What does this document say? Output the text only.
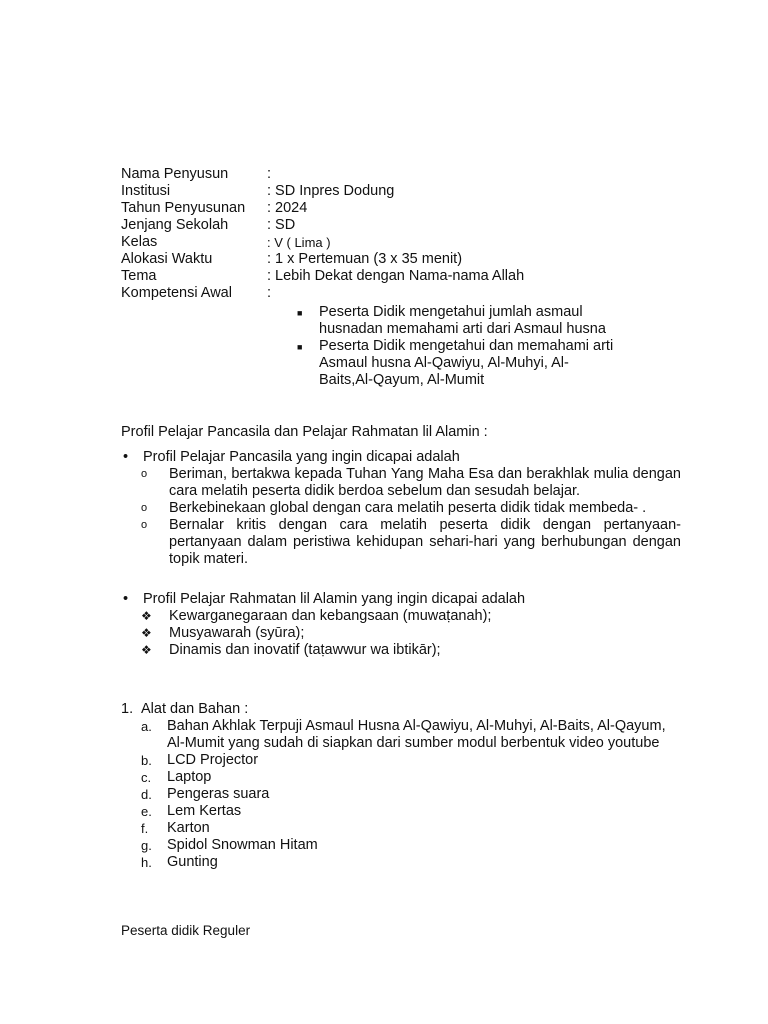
Nama Penyusun	:
Institusi	: SD Inpres Dodung
Tahun Penyusunan	: 2024
Jenjang Sekolah	: SD
Kelas	: V ( Lima )
Alokasi Waktu	: 1 x Pertemuan (3 x 35 menit)
Tema	: Lebih Dekat dengan Nama-nama Allah
Kompetensi Awal	:
■	Peserta Didik mengetahui jumlah asmaul husnadan memahami arti dari Asmaul husna
■	Peserta Didik mengetahui dan memahami arti Asmaul husna Al-Qawiyu, Al-Muhyi, Al-Baits,Al-Qayum, Al-Mumit
Profil Pelajar Pancasila dan Pelajar Rahmatan lil Alamin :
•	Profil Pelajar Pancasila yang ingin dicapai adalah
o	Beriman, bertakwa kepada Tuhan Yang Maha Esa dan berakhlak mulia dengan cara melatih peserta didik berdoa sebelum dan sesudah belajar.
o	Berkebinekaan global dengan cara melatih peserta didik tidak membeda- .
o	Bernalar kritis dengan cara melatih peserta didik dengan pertanyaan-pertanyaan dalam peristiwa kehidupan sehari-hari yang berhubungan dengan topik materi.
•	Profil Pelajar Rahmatan lil Alamin yang ingin dicapai adalah
❖	Kewarganegaraan dan kebangsaan (muwaṭanah);
❖	Musyawarah (syūra);
❖	Dinamis dan inovatif (taṭawwur wa ibtikār);
1. Alat dan Bahan :
a.	Bahan Akhlak Terpuji Asmaul Husna Al-Qawiyu, Al-Muhyi, Al-Baits, Al-Qayum, Al-Mumit yang sudah di siapkan dari sumber modul berbentuk video youtube
b.	LCD Projector
c.	Laptop
d.	Pengeras suara
e.	Lem Kertas
f.	Karton
g.	Spidol Snowman Hitam
h.	Gunting
Peserta didik Reguler
